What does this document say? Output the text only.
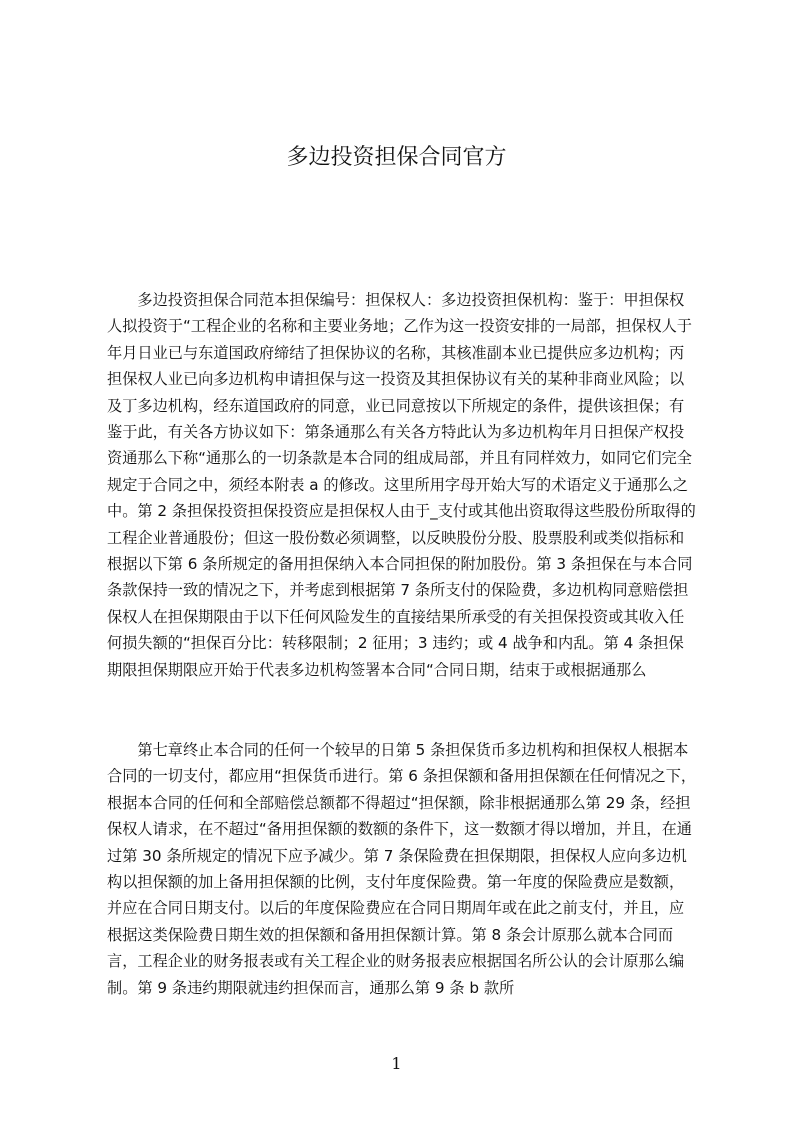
多边投资担保合同官方

　　多边投资担保合同范本担保编号：担保权人：多边投资担保机构：鉴于：甲担保权人拟投资于“工程企业的名称和主要业务地；乙作为这一投资安排的一局部，担保权人于年月日业已与东道国政府缔结了担保协议的名称，其核准副本业已提供应多边机构；丙担保权人业已向多边机构申请担保与这一投资及其担保协议有关的某种非商业风险；以及丁多边机构，经东道国政府的同意，业已同意按以下所规定的条件，提供该担保；有鉴于此，有关各方协议如下：第条通那么有关各方特此认为多边机构年月日担保产权投资通那么下称“通那么的一切条款是本合同的组成局部，并且有同样效力，如同它们完全规定于合同之中，须经本附表 a 的修改。这里所用字母开始大写的术语定义于通那么之中。第 2 条担保投资担保投资应是担保权人由于_支付或其他出资取得这些股份所取得的工程企业普通股份；但这一股份数必须调整，以反映股份分股、股票股利或类似指标和根据以下第 6 条所规定的备用担保纳入本合同担保的附加股份。第 3 条担保在与本合同条款保持一致的情况之下，并考虑到根据第 7 条所支付的保险费，多边机构同意赔偿担保权人在担保期限由于以下任何风险发生的直接结果所承受的有关担保投资或其收入任何损失额的“担保百分比：转移限制；2 征用；3 违约；或 4 战争和内乱。第 4 条担保期限担保期限应开始于代表多边机构签署本合同“合同日期，结束于或根据通那么

　　第七章终止本合同的任何一个较早的日第 5 条担保货币多边机构和担保权人根据本合同的一切支付，都应用“担保货币进行。第 6 条担保额和备用担保额在任何情况之下，根据本合同的任何和全部赔偿总额都不得超过“担保额，除非根据通那么第 29 条，经担保权人请求，在不超过“备用担保额的数额的条件下，这一数额才得以增加，并且，在通过第 30 条所规定的情况下应予减少。第 7 条保险费在担保期限，担保权人应向多边机构以担保额的加上备用担保额的比例，支付年度保险费。第一年度的保险费应是数额，并应在合同日期支付。以后的年度保险费应在合同日期周年或在此之前支付，并且，应根据这类保险费日期生效的担保额和备用担保额计算。第 8 条会计原那么就本合同而言，工程企业的财务报表或有关工程企业的财务报表应根据国名所公认的会计原那么编制。第 9 条违约期限就违约担保而言，通那么第 9 条 b 款所

1
